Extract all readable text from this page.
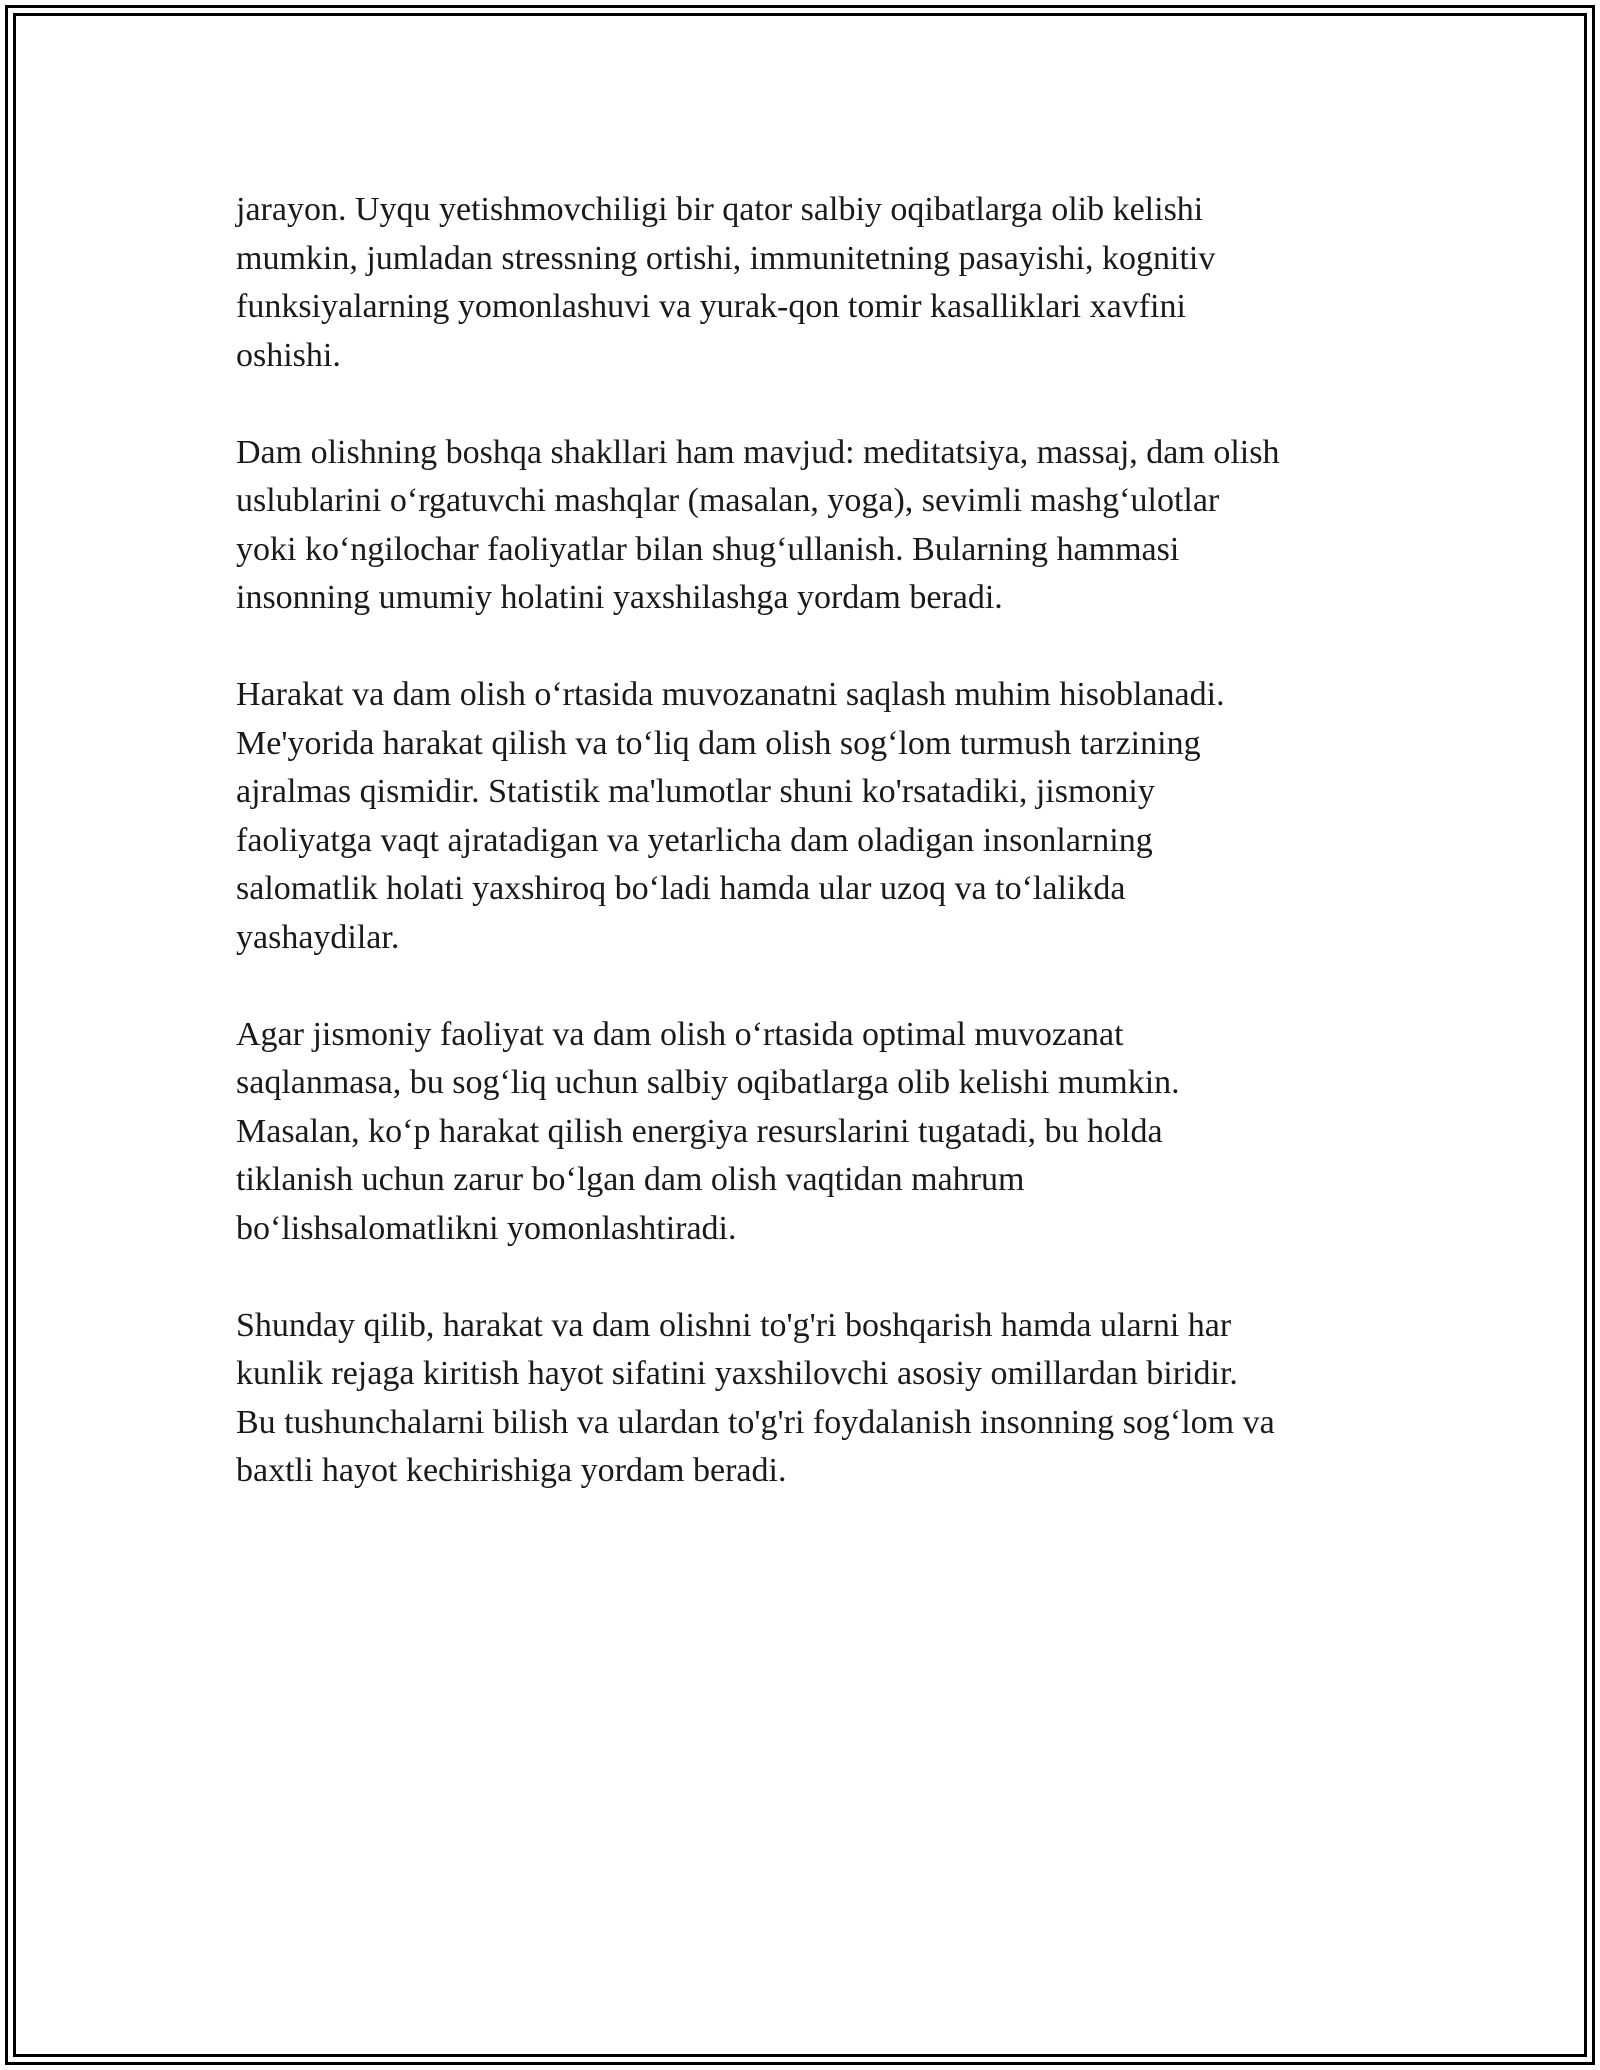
jarayon. Uyqu yetishmovchiligi bir qator salbiy oqibatlarga olib kelishi
mumkin, jumladan stressning ortishi, immunitetning pasayishi, kognitiv
funksiyalarning yomonlashuvi va yurak-qon tomir kasalliklari xavfini
oshishi.

Dam olishning boshqa shakllari ham mavjud: meditatsiya, massaj, dam olish
uslublarini o‘rgatuvchi mashqlar (masalan, yoga), sevimli mashg‘ulotlar
yoki ko‘ngilochar faoliyatlar bilan shug‘ullanish. Bularning hammasi
insonning umumiy holatini yaxshilashga yordam beradi.

Harakat va dam olish o‘rtasida muvozanatni saqlash muhim hisoblanadi.
Me'yorida harakat qilish va to‘liq dam olish sog‘lom turmush tarzining
ajralmas qismidir. Statistik ma'lumotlar shuni ko'rsatadiki, jismoniy
faoliyatga vaqt ajratadigan va yetarlicha dam oladigan insonlarning
salomatlik holati yaxshiroq bo‘ladi hamda ular uzoq va to‘lalikda
yashaydilar.

Agar jismoniy faoliyat va dam olish o‘rtasida optimal muvozanat
saqlanmasa, bu sog‘liq uchun salbiy oqibatlarga olib kelishi mumkin.
Masalan, ko‘p harakat qilish energiya resurslarini tugatadi, bu holda
tiklanish uchun zarur bo‘lgan dam olish vaqtidan mahrum
bo‘lishsalomatlikni yomonlashtiradi.

Shunday qilib, harakat va dam olishni to'g'ri boshqarish hamda ularni har
kunlik rejaga kiritish hayot sifatini yaxshilovchi asosiy omillardan biridir.
Bu tushunchalarni bilish va ulardan to'g'ri foydalanish insonning sog‘lom va
baxtli hayot kechirishiga yordam beradi.
